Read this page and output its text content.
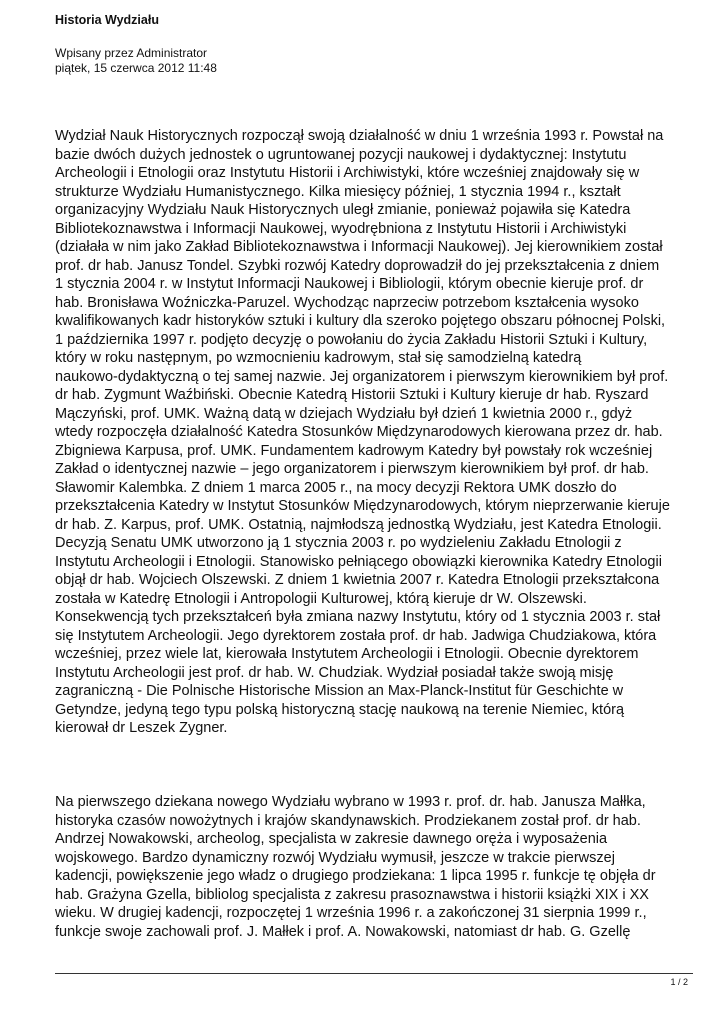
Historia Wydziału
Wpisany przez Administrator
piątek, 15 czerwca 2012 11:48

Wydział Nauk Historycznych rozpoczął swoją działalność w dniu 1 września 1993 r. Powstał na
bazie dwóch dużych jednostek o ugruntowanej pozycji naukowej i dydaktycznej: Instytutu
Archeologii i Etnologii oraz Instytutu Historii i Archiwistyki, które wcześniej znajdowały się w
strukturze Wydziału Humanistycznego. Kilka miesięcy później, 1 stycznia 1994 r., kształt
organizacyjny Wydziału Nauk Historycznych uległ zmianie, ponieważ pojawiła się Katedra
Bibliotekoznawstwa i Informacji Naukowej, wyodrębniona z Instytutu Historii i Archiwistyki
(działała w nim jako Zakład Bibliotekoznawstwa i Informacji Naukowej). Jej kierownikiem został
prof. dr hab. Janusz Tondel. Szybki rozwój Katedry doprowadził do jej przekształcenia z dniem
1 stycznia 2004 r. w Instytut Informacji Naukowej i Bibliologii, którym obecnie kieruje prof. dr
hab. Bronisława Woźniczka-Paruzel. Wychodząc naprzeciw potrzebom kształcenia wysoko
kwalifikowanych kadr historyków sztuki i kultury dla szeroko pojętego obszaru północnej Polski,
1 października 1997 r. podjęto decyzję o powołaniu do życia Zakładu Historii Sztuki i Kultury,
który w roku następnym, po wzmocnieniu kadrowym, stał się samodzielną katedrą
naukowo-dydaktyczną o tej samej nazwie. Jej organizatorem i pierwszym kierownikiem był prof.
dr hab. Zygmunt Waźbiński. Obecnie Katedrą Historii Sztuki i Kultury kieruje dr hab. Ryszard
Mączyński, prof. UMK. Ważną datą w dziejach Wydziału był dzień 1 kwietnia 2000 r., gdyż
wtedy rozpoczęła działalność Katedra Stosunków Międzynarodowych kierowana przez dr. hab.
Zbigniewa Karpusa, prof. UMK. Fundamentem kadrowym Katedry był powstały rok wcześniej
Zakład o identycznej nazwie – jego organizatorem i pierwszym kierownikiem był prof. dr hab.
Sławomir Kalembka. Z dniem 1 marca 2005 r., na mocy decyzji Rektora UMK doszło do
przekształcenia Katedry w Instytut Stosunków Międzynarodowych, którym nieprzerwanie kieruje
dr hab. Z. Karpus, prof. UMK. Ostatnią, najmłodszą jednostką Wydziału, jest Katedra Etnologii.
Decyzją Senatu UMK utworzono ją 1 stycznia 2003 r. po wydzieleniu Zakładu Etnologii z
Instytutu Archeologii i Etnologii. Stanowisko pełniącego obowiązki kierownika Katedry Etnologii
objął dr hab. Wojciech Olszewski. Z dniem 1 kwietnia 2007 r. Katedra Etnologii przekształcona
została w Katedrę Etnologii i Antropologii Kulturowej, którą kieruje dr W. Olszewski.
Konsekwencją tych przekształceń była zmiana nazwy Instytutu, który od 1 stycznia 2003 r. stał
się Instytutem Archeologii. Jego dyrektorem została prof. dr hab. Jadwiga Chudziakowa, która
wcześniej, przez wiele lat, kierowała Instytutem Archeologii i Etnologii. Obecnie dyrektorem
Instytutu Archeologii jest prof. dr hab. W. Chudziak. Wydział posiadał także swoją misję
zagraniczną - Die Polnische Historische Mission an Max-Planck-Institut für Geschichte w
Getyndze, jedyną tego typu polską historyczną stację naukową na terenie Niemiec, którą
kierował dr Leszek Zygner.

Na pierwszego dziekana nowego Wydziału wybrano w 1993 r. prof. dr. hab. Janusza Małłka,
historyka czasów nowożytnych i krajów skandynawskich. Prodziekanem został prof. dr hab.
Andrzej Nowakowski, archeolog, specjalista w zakresie dawnego oręża i wyposażenia
wojskowego. Bardzo dynamiczny rozwój Wydziału wymusił, jeszcze w trakcie pierwszej
kadencji, powiększenie jego władz o drugiego prodziekana: 1 lipca 1995 r. funkcje tę objęła dr
hab. Grażyna Gzella, bibliolog specjalista z zakresu prasoznawstwa i historii książki XIX i XX
wieku. W drugiej kadencji, rozpoczętej 1 września 1996 r. a zakończonej 31 sierpnia 1999 r.,
funkcje swoje zachowali prof. J. Małłek i prof. A. Nowakowski, natomiast dr hab. G. Gzellę

1 / 2
